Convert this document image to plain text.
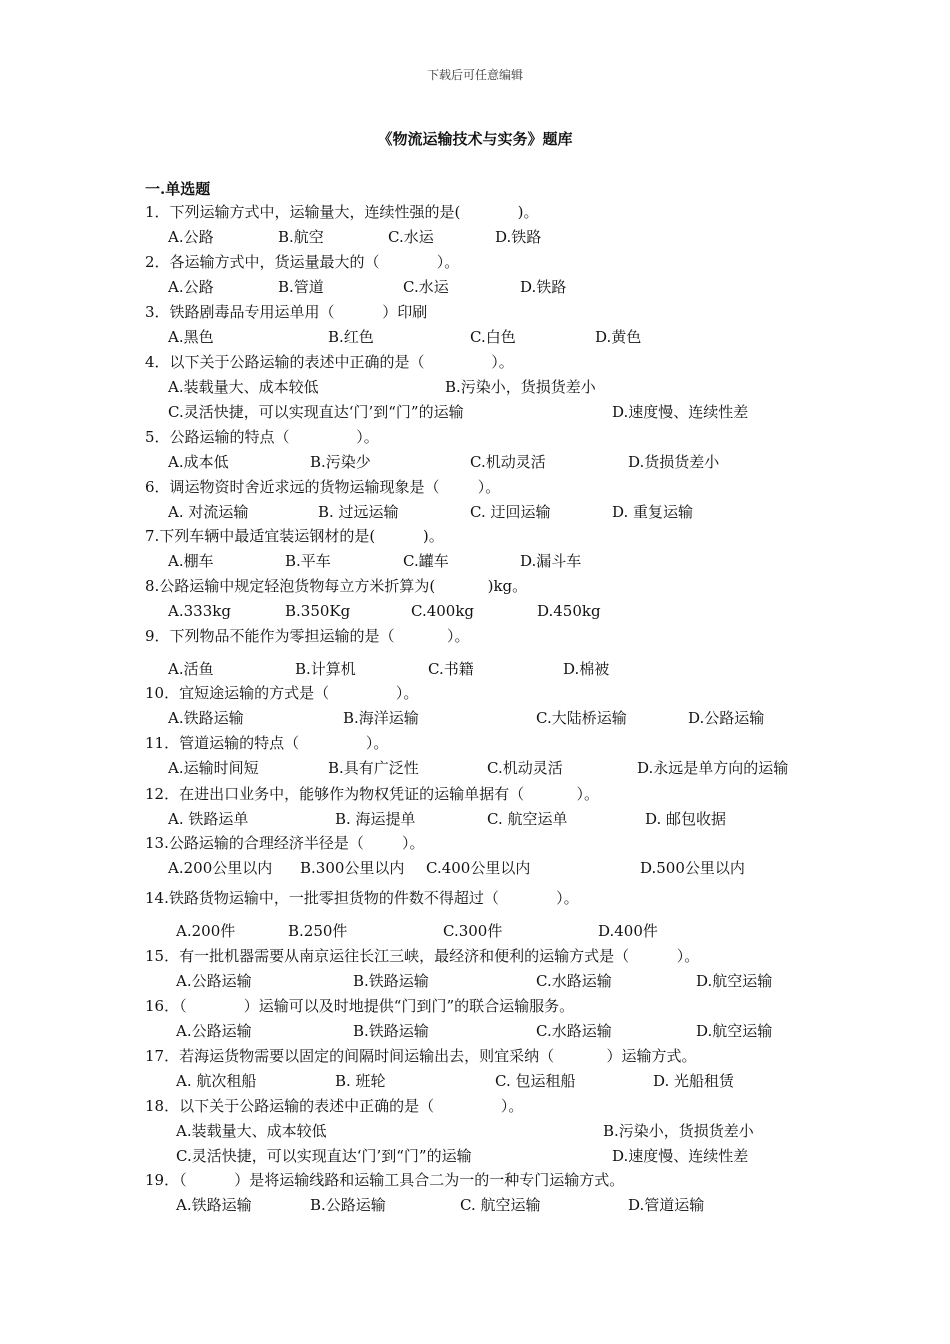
下载后可任意编辑
《物流运输技术与实务》题库
一.单选题
1．下列运输方式中，运输量大，连续性强的是(            )。
A.公路	B.航空	C.水运	D.铁路
2．各运输方式中，货运量最大的（            ）。
A.公路	B.管道	C.水运	D.铁路
3．铁路剧毒品专用运单用（          ）印刷
A.黑色	B.红色	C.白色	D.黄色
4．以下关于公路运输的表述中正确的是（              ）。
A.装载量大、成本较低	B.污染小，货损货差小
C.灵活快捷，可以实现直达‘门’到“门”的运输	D.速度慢、连续性差
5．公路运输的特点（              ）。
A.成本低	B.污染少	C.机动灵活	D.货损货差小
6．调运物资时舍近求远的货物运输现象是（        ）。
A. 对流运输	B. 过远运输	C. 迂回运输	D. 重复运输
7.下列车辆中最适宜装运钢材的是(          )。
A.棚车	B.平车	C.罐车	D.漏斗车
8.公路运输中规定轻泡货物每立方米折算为(           )kg。
A.333kg	B.350Kg	C.400kg	D.450kg
9．下列物品不能作为零担运输的是（           ）。
A.活鱼	B.计算机	C.书籍	D.棉被
10．宜短途运输的方式是（              ）。
A.铁路运输	B.海洋运输	C.大陆桥运输	D.公路运输
11．管道运输的特点（              ）。
A.运输时间短	B.具有广泛性	C.机动灵活	D.永远是单方向的运输
12．在进出口业务中，能够作为物权凭证的运输单据有（           ）。
A. 铁路运单	B. 海运提单	C. 航空运单	D. 邮包收据
13.公路运输的合理经济半径是（        ）。
A.200公里以内 B.300公里以内 C.400公里以内	D.500公里以内
14.铁路货物运输中，一批零担货物的件数不得超过（            ）。
A.200件	B.250件	C.300件	D.400件
15．有一批机器需要从南京运往长江三峡，最经济和便利的运输方式是（          ）。
A.公路运输	B.铁路运输	C.水路运输	D.航空运输
16．（            ）运输可以及时地提供“门到门”的联合运输服务。
A.公路运输	B.铁路运输	C.水路运输	D.航空运输
17．若海运货物需要以固定的间隔时间运输出去，则宜采纳（           ）运输方式。
A. 航次租船	B. 班轮	C. 包运租船	D. 光船租赁
18．以下关于公路运输的表述中正确的是（              ）。
A.装载量大、成本较低	B.污染小，货损货差小
C.灵活快捷，可以实现直达‘门’到“门”的运输	D.速度慢、连续性差
19．（          ）是将运输线路和运输工具合二为一的一种专门运输方式。
A.铁路运输	B.公路运输	C. 航空运输	D.管道运输
